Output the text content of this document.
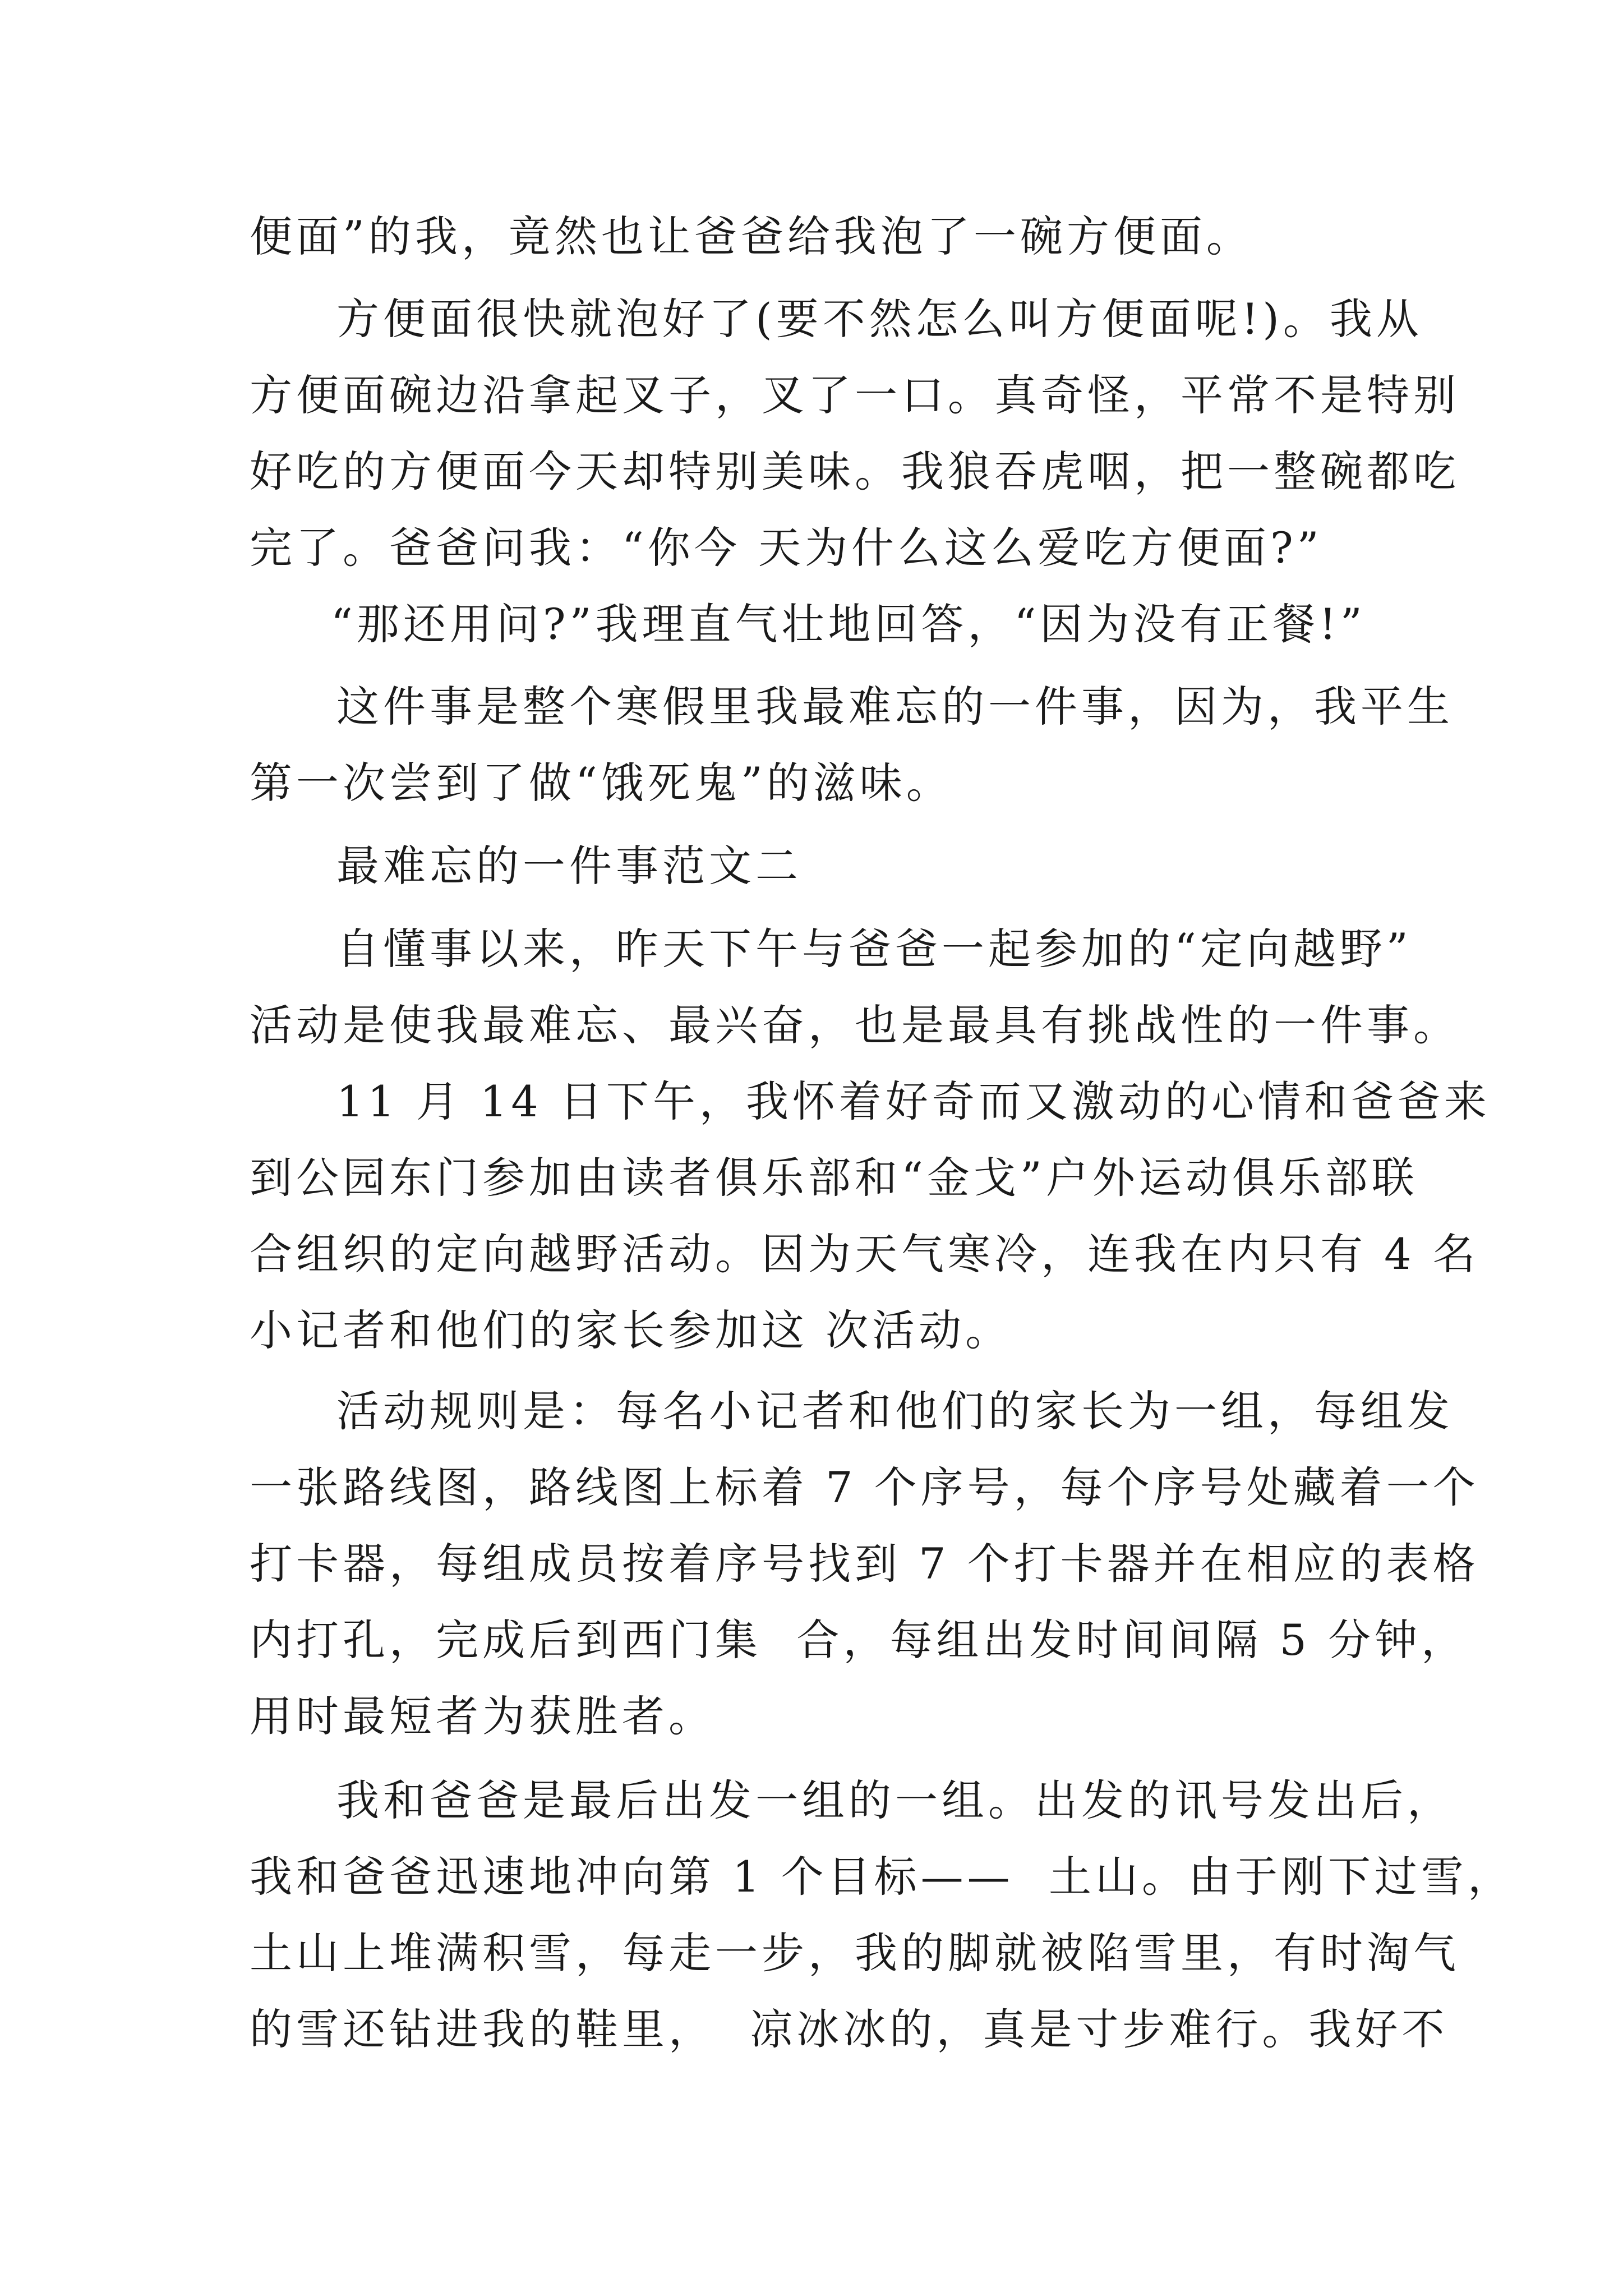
便面”的我，竟然也让爸爸给我泡了一碗方便面。
方便面很快就泡好了(要不然怎么叫方便面呢!)。我从
方便面碗边沿拿起叉子，叉了一口。真奇怪，平常不是特别
好吃的方便面今天却特别美味。我狼吞虎咽，把一整碗都吃
完了。爸爸问我：“你今 天为什么这么爱吃方便面?”
“那还用问?”我理直气壮地回答，“因为没有正餐!”
这件事是整个寒假里我最难忘的一件事，因为，我平生
第一次尝到了做“饿死鬼”的滋味。
最难忘的一件事范文二
自懂事以来，昨天下午与爸爸一起参加的“定向越野”
活动是使我最难忘、最兴奋，也是最具有挑战性的一件事。
11 月 14 日下午，我怀着好奇而又激动的心情和爸爸来
到公园东门参加由读者俱乐部和“金戈”户外运动俱乐部联
合组织的定向越野活动。因为天气寒冷，连我在内只有 4 名
小记者和他们的家长参加这 次活动。
活动规则是：每名小记者和他们的家长为一组，每组发
一张路线图，路线图上标着 7 个序号，每个序号处藏着一个
打卡器，每组成员按着序号找到 7 个打卡器并在相应的表格
内打孔，完成后到西门集  合，每组出发时间间隔 5 分钟，
用时最短者为获胜者。
我和爸爸是最后出发一组的一组。出发的讯号发出后，
我和爸爸迅速地冲向第 1 个目标——  土山。由于刚下过雪，
土山上堆满积雪，每走一步，我的脚就被陷雪里，有时淘气
的雪还钻进我的鞋里，  凉冰冰的，真是寸步难行。我好不
